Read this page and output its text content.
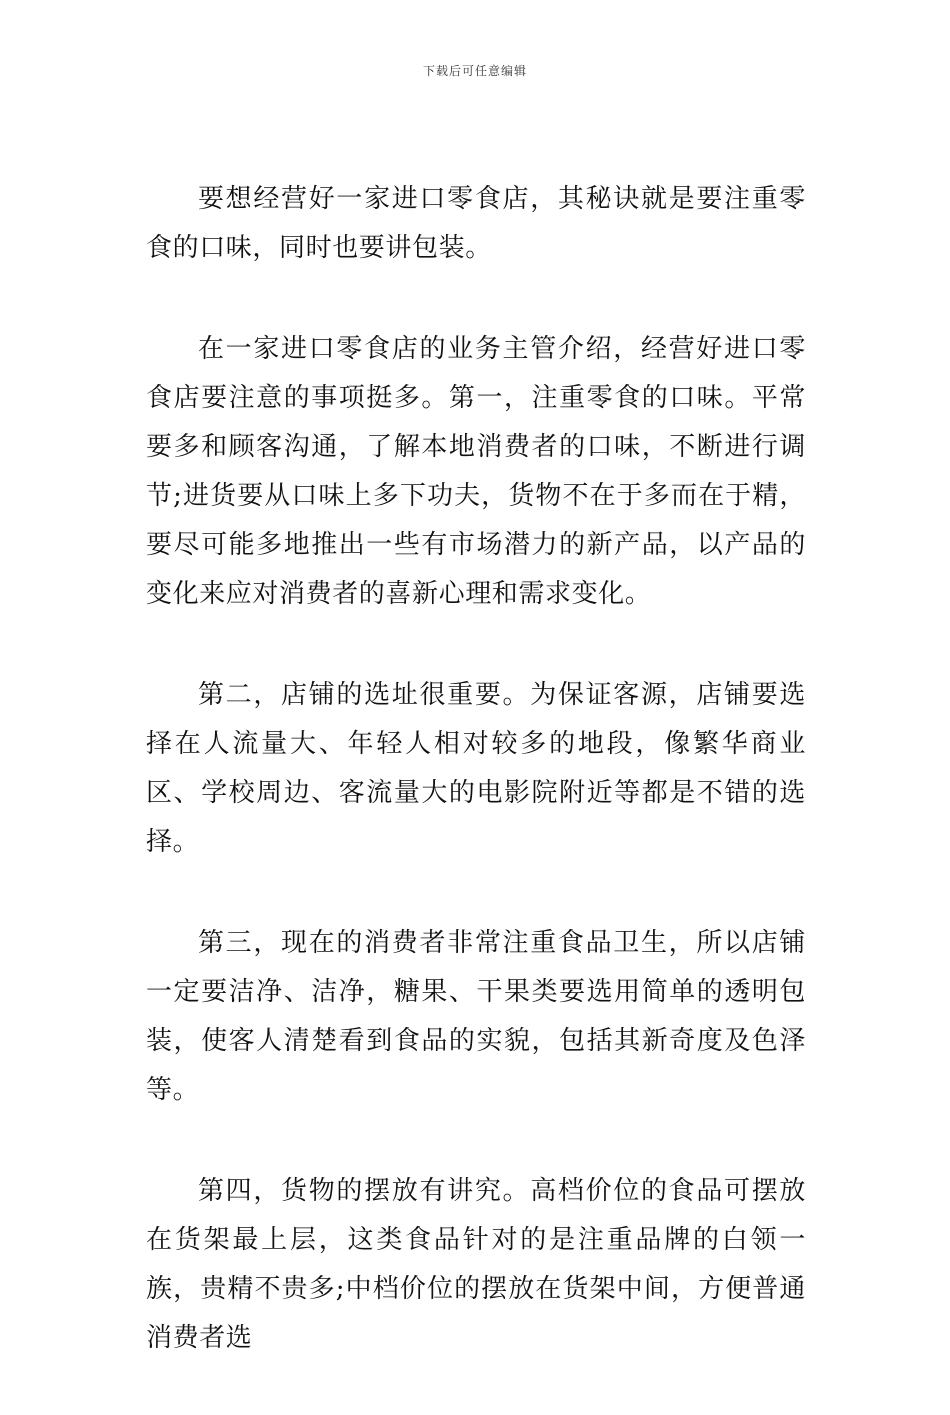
下载后可任意编辑

要想经营好一家进口零食店，其秘诀就是要注重零食的口味，同时也要讲包装。

在一家进口零食店的业务主管介绍，经营好进口零食店要注意的事项挺多。第一，注重零食的口味。平常要多和顾客沟通，了解本地消费者的口味，不断进行调节;进货要从口味上多下功夫，货物不在于多而在于精，要尽可能多地推出一些有市场潜力的新产品，以产品的变化来应对消费者的喜新心理和需求变化。

第二，店铺的选址很重要。为保证客源，店铺要选择在人流量大、年轻人相对较多的地段，像繁华商业区、学校周边、客流量大的电影院附近等都是不错的选择。

第三，现在的消费者非常注重食品卫生，所以店铺一定要洁净、洁净，糖果、干果类要选用简单的透明包装，使客人清楚看到食品的实貌，包括其新奇度及色泽等。

第四，货物的摆放有讲究。高档价位的食品可摆放在货架最上层，这类食品针对的是注重品牌的白领一族，贵精不贵多;中档价位的摆放在货架中间，方便普通消费者选
